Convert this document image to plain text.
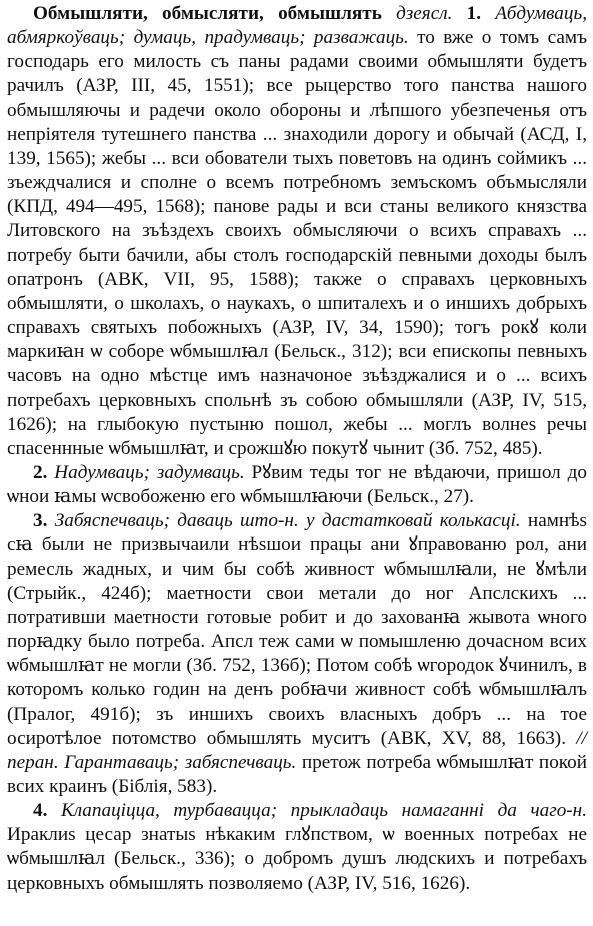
Обмышляти, обмысляти, обмышлять дзеясл. 1. Абдумваць, абмяркоўваць; думаць, прадумваць; разважаць. то вже о томъ самъ господарь его милость съ паны радами своими обмышляти будетъ рачилъ (АЗР, III, 45, 1551); все рыцерство того панства нашого обмышляючы и радечи около обороны и лѣпшого убезпеченья отъ непріятеля тутешнего панства ... знаходили дорогу и обычай (АСД, I, 139, 1565); жебы ... вси обователи тыхъ поветовъ на одинъ соймикъ ... зъеждчалися и сполне о всемъ потребномъ земъскомъ объмысляли (КПД, 494—495, 1568); панове рады и вси станы великого князства Литовского на зъѣздехъ своихъ обмысляючи о всихъ справахъ ... потребу быти бачили, абы столъ господарскій певными доходы былъ опатронъ (АВК, VII, 95, 1588); также о справахъ церковныхъ обмышляти, о школахъ, о наукахъ, о шпиталехъ и о иншихъ добрыхъ справахъ святыхъ побожныхъ (АЗР, IV, 34, 1590); тогъ рокꙋ коли маркиꙗн ѡ соборе ѡбмышлꙗл (Бельск., 312); вси епископы певныхъ часовъ на одно мѣстце имъ назначоное зъѣзджалися и о ... всихъ потребахъ церковныхъ спольнѣ зъ собою обмышляли (АЗР, IV, 515, 1626); на глыбокую пустыню пошол, жебы ... моглъ волнеѕ речы спасеннные ѡбмышлꙗт, и срожшꙋю покутꙋ чынит (Зб. 752, 485).

2. Надумваць; задумваць. Рꙋвим теды тог не вѣдаючи, пришол до ѡнои ꙗмы ѡсвобоженю его ѡбмышлꙗючи (Бельск., 27).

3. Забяспечваць; даваць што-н. у дастатковай колькасці. намнѣѕ сꙗ были не призвычаили нѣѕшои працы ани ꙋправованю рол, ани ремесль жадных, и чим бы собѣ живност ѡбмышлꙗли, не ꙋмѣли (Стрыйк., 424б); маетности свои метали до ног Апслскихъ ... потративши маетности готовые робит и до захованꙗ жывота ѡного порꙗдку было потреба. Апсл теж сами ѡ помышленю дочасном всих ѡбмышлꙗт не могли (Зб. 752, 136б); Потом собѣ ѡгородок ꙋчинилъ, в которомъ колько годин на денъ робꙗчи живност собѣ ѡбмышлꙗлъ (Пралог, 491б); зъ иншихъ своихъ власныхъ добръ ... на тое осиротѣлое потомство обмышлять муситъ (АВК, XV, 88, 1663). // перан. Гарантаваць; забяспечваць. претож потреба ѡбмышлꙗт покой всих краинъ (Біблія, 583).

4. Клапаціцца, турбавацца; прыкладаць намаганні да чаго-н. Ираклиѕ цесар знатыѕ нѣкаким глꙋпством, ѡ военных потребах не ѡбмышлꙗл (Бельск., 336); о добромъ душъ людскихъ и потребахъ церковныхъ обмышлять позволяемо (АЗР, IV, 516, 1626).
